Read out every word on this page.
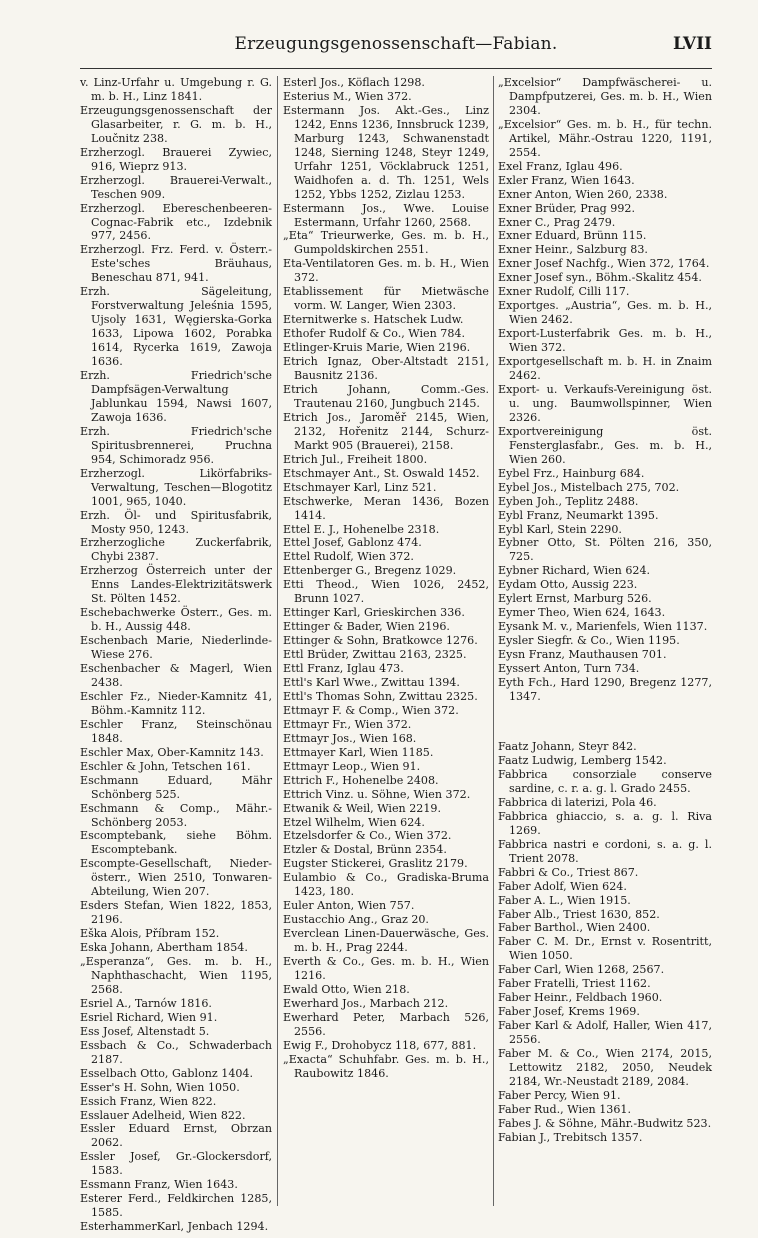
Erzeugungsgenossenschaft—Fabian.	LVII

v. Linz-Urfahr u. Umgebung r. G. m. b. H., Linz 1841.

Erzeugungsgenossenschaft der Glasarbeiter, r. G. m. b. H., Loučnitz 238.

Erzherzogl. Brauerei Zywiec, 916, Wieprz 913.

Erzherzogl. Brauerei-Verwalt., Teschen 909.

Erzherzogl. Ebereschenbeeren-Cognac-Fabrik etc., Izdebnik 977, 2456.

Erzherzogl. Frz. Ferd. v. Österr.-Este'sches Bräuhaus, Beneschau 871, 941.

Erzh. Sägeleitung, Forstverwaltung Jeleśnia 1595, Ujsoly 1631, Węgierska-Gorka 1633, Lipowa 1602, Porabka 1614, Rycerka 1619, Zawoja 1636.

Erzh. Friedrich'sche Dampfsägen-Verwaltung Jablunkau 1594, Nawsi 1607, Zawoja 1636.

Erzh. Friedrich'sche Spiritusbrennerei, Pruchna 954, Schimoradz 956.

Erzherzogl. Likörfabriks-Verwaltung, Teschen—Blogotitz 1001, 965, 1040.

Erzh. Öl- und Spiritusfabrik, Mosty 950, 1243.

Erzherzogliche Zuckerfabrik, Chybi 2387.

Erzherzog Österreich unter der Enns Landes-Elektrizitätswerk St. Pölten 1452.

Eschebachwerke Österr., Ges. m. b. H., Aussig 448.

Eschenbach Marie, Niederlinde-Wiese 276.

Eschenbacher & Magerl, Wien 2438.

Eschler Fz., Nieder-Kamnitz 41, Böhm.-Kamnitz 112.

Eschler Franz, Steinschönau 1848.

Eschler Max, Ober-Kamnitz 143.

Eschler & John, Tetschen 161.

Eschmann Eduard, Mähr Schönberg 525.

Eschmann & Comp., Mähr.-Schönberg 2053.

Escomptebank, siehe Böhm. Escomptebank.

Escompte-Gesellschaft, Nieder-österr., Wien 2510, Tonwaren-Abteilung, Wien 207.

Esders Stefan, Wien 1822, 1853, 2196.

Eška Alois, Příbram 152.

Eska Johann, Abertham 1854.

„Esperanza“, Ges. m. b. H., Naphthaschacht, Wien 1195, 2568.

Esriel A., Tarnów 1816.

Esriel Richard, Wien 91.

Ess Josef, Altenstadt 5.

Essbach & Co., Schwaderbach 2187.

Esselbach Otto, Gablonz 1404.

Esser's H. Sohn, Wien 1050.

Essich Franz, Wien 822.

Esslauer Adelheid, Wien 822.

Essler Eduard Ernst, Obrzan 2062.

Essler Josef, Gr.-Glockersdorf, 1583.

Essmann Franz, Wien 1643.

Esterer Ferd., Feldkirchen 1285, 1585.

EsterhammerKarl, Jenbach 1294.

Esterl Jos., Köflach 1298.

Esterius M., Wien 372.

Estermann Jos. Akt.-Ges., Linz 1242, Enns 1236, Innsbruck 1239, Marburg 1243, Schwanenstadt 1248, Sierning 1248, Steyr 1249, Urfahr 1251, Vöcklabruck 1251, Waidhofen a. d. Th. 1251, Wels 1252, Ybbs 1252, Zizlau 1253.

Estermann Jos., Wwe. Louise Estermann, Urfahr 1260, 2568.

„Eta“ Trieurwerke, Ges. m. b. H., Gumpoldskirchen 2551.

Eta-Ventilatoren Ges. m. b. H., Wien 372.

Etablissement für Mietwäsche vorm. W. Langer, Wien 2303.

Eternitwerke s. Hatschek Ludw.

Ethofer Rudolf & Co., Wien 784.

Etlinger-Kruis Marie, Wien 2196.

Etrich Ignaz, Ober-Altstadt 2151, Bausnitz 2136.

Etrich Johann, Comm.-Ges. Trautenau 2160, Jungbuch 2145.

Etrich Jos., Jaroměř 2145, Wien, 2132, Hořenitz 2144, Schurz-Markt 905 (Brauerei), 2158.

Etrich Jul., Freiheit 1800.

Etschmayer Ant., St. Oswald 1452.

Etschmayer Karl, Linz 521.

Etschwerke, Meran 1436, Bozen 1414.

Ettel E. J., Hohenelbe 2318.

Ettel Josef, Gablonz 474.

Ettel Rudolf, Wien 372.

Ettenberger G., Bregenz 1029.

Etti Theod., Wien 1026, 2452, Brunn 1027.

Ettinger Karl, Grieskirchen 336.

Ettinger & Bader, Wien 2196.

Ettinger & Sohn, Bratkowce 1276.

Ettl Brüder, Zwittau 2163, 2325.

Ettl Franz, Iglau 473.

Ettl's Karl Wwe., Zwittau 1394.

Ettl's Thomas Sohn, Zwittau 2325.

Ettmayr F. & Comp., Wien 372.

Ettmayr Fr., Wien 372.

Ettmayr Jos., Wien 168.

Ettmayer Karl, Wien 1185.

Ettmayr Leop., Wien 91.

Ettrich F., Hohenelbe 2408.

Ettrich Vinz. u. Söhne, Wien 372.

Etwanik & Weil, Wien 2219.

Etzel Wilhelm, Wien 624.

Etzelsdorfer & Co., Wien 372.

Etzler & Dostal, Brünn 2354.

Eugster Stickerei, Graslitz 2179.

Eulambio & Co., Gradiska-Bruma 1423, 180.

Euler Anton, Wien 757.

Eustacchio Ang., Graz 20.

Everclean Linen-Dauerwäsche, Ges. m. b. H., Prag 2244.

Everth & Co., Ges. m. b. H., Wien 1216.

Ewald Otto, Wien 218.

Ewerhard Jos., Marbach 212.

Ewerhard Peter, Marbach 526, 2556.

Ewig F., Drohobycz 118, 677, 881.

„Exacta“ Schuhfabr. Ges. m. b. H., Raubowitz 1846.

„Excelsior“ Dampfwäscherei- u. Dampfputzerei, Ges. m. b. H., Wien 2304.

„Excelsior“ Ges. m. b. H., für techn. Artikel, Mähr.-Ostrau 1220, 1191, 2554.

Exel Franz, Iglau 496.

Exler Franz, Wien 1643.

Exner Anton, Wien 260, 2338.

Exner Brüder, Prag 992.

Exner C., Prag 2479.

Exner Eduard, Brünn 115.

Exner Heinr., Salzburg 83.

Exner Josef Nachfg., Wien 372, 1764.

Exner Josef syn., Böhm.-Skalitz 454.

Exner Rudolf, Cilli 117.

Exportges. „Austria“, Ges. m. b. H., Wien 2462.

Export-Lusterfabrik Ges. m. b. H., Wien 372.

Exportgesellschaft m. b. H. in Znaim 2462.

Export- u. Verkaufs-Vereinigung öst. u. ung. Baumwollspinner, Wien 2326.

Exportvereinigung öst. Fensterglasfabr., Ges. m. b. H., Wien 260.

Eybel Frz., Hainburg 684.

Eybel Jos., Mistelbach 275, 702.

Eyben Joh., Teplitz 2488.

Eybl Franz, Neumarkt 1395.

Eybl Karl, Stein 2290.

Eybner Otto, St. Pölten 216, 350, 725.

Eybner Richard, Wien 624.

Eydam Otto, Aussig 223.

Eylert Ernst, Marburg 526.

Eymer Theo, Wien 624, 1643.

Eysank M. v., Marienfels, Wien 1137.

Eysler Siegfr. & Co., Wien 1195.

Eysn Franz, Mauthausen 701.

Eyssert Anton, Turn 734.

Eyth Fch., Hard 1290, Bregenz 1277, 1347.

Faatz Johann, Steyr 842.

Faatz Ludwig, Lemberg 1542.

Fabbrica consorziale conserve sardine, c. r. a. g. l. Grado 2455.

Fabbrica di laterizi, Pola 46.

Fabbrica ghiaccio, s. a. g. l. Riva 1269.

Fabbrica nastri e cordoni, s. a. g. l. Trient 2078.

Fabbri & Co., Triest 867.

Faber Adolf, Wien 624.

Faber A. L., Wien 1915.

Faber Alb., Triest 1630, 852.

Faber Barthol., Wien 2400.

Faber C. M. Dr., Ernst v. Rosentritt, Wien 1050.

Faber Carl, Wien 1268, 2567.

Faber Fratelli, Triest 1162.

Faber Heinr., Feldbach 1960.

Faber Josef, Krems 1969.

Faber Karl & Adolf, Haller, Wien 417, 2556.

Faber M. & Co., Wien 2174, 2015, Lettowitz 2182, 2050, Neudek 2184, Wr.-Neustadt 2189, 2084.

Faber Percy, Wien 91.

Faber Rud., Wien 1361.

Fabes J. & Söhne, Mähr.-Budwitz 523.

Fabian J., Trebitsch 1357.
